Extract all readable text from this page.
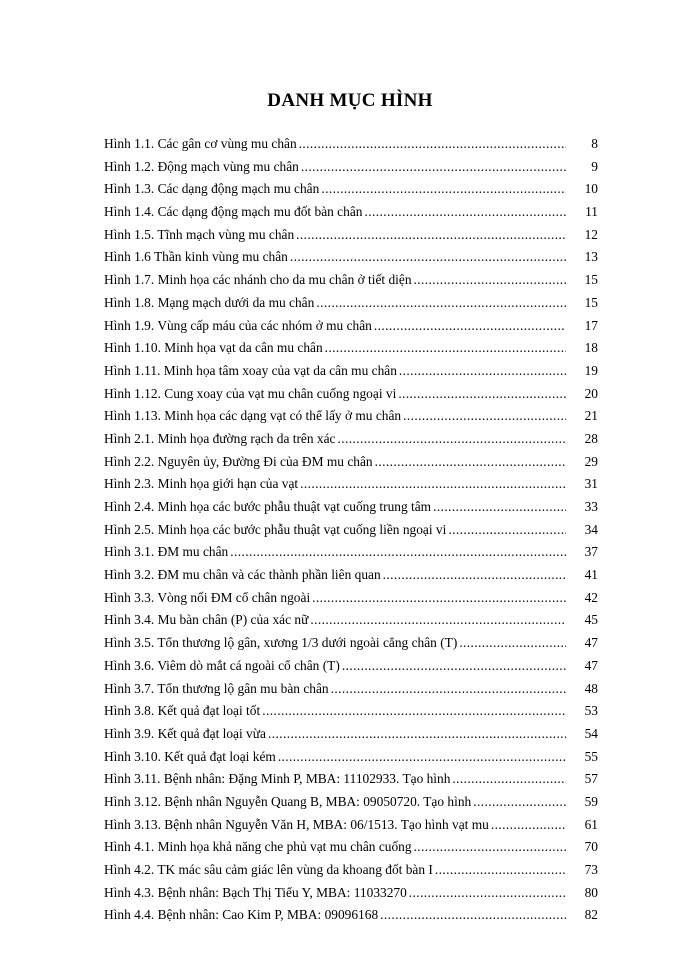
DANH MỤC HÌNH
Hình 1.1. Các gân cơ vùng mu chân .....	8
Hình 1.2. Động mạch vùng mu chân .....	9
Hình 1.3. Các dạng động mạch mu chân .....	10
Hình 1.4. Các dạng động mạch mu đốt bàn chân .....	11
Hình 1.5. Tĩnh mạch vùng mu chân .....	12
Hình 1.6 Thần kinh vùng mu chân .....	13
Hình 1.7. Minh họa các nhánh cho da mu chân ở tiết diện .....	15
Hình 1.8. Mạng mạch dưới da mu chân .....	15
Hình 1.9. Vùng cấp máu của các nhóm ở mu chân .....	17
Hình 1.10. Minh họa vạt da cân mu chân .....	18
Hình 1.11. Minh họa tâm xoay của vạt da cân mu chân .....	19
Hình 1.12. Cung xoay của vạt mu chân cuống ngoại vi .....	20
Hình 1.13. Minh họa các dạng vạt có thể lấy ở mu chân .....	21
Hình 2.1. Minh họa đường rạch da trên xác .....	28
Hình 2.2. Nguyên ủy, Đường Đi của ĐM mu chân .....	29
Hình 2.3. Minh họa giới hạn của vạt .....	31
Hình 2.4. Minh họa các bước phẫu thuật vạt cuống trung tâm .....	33
Hình 2.5. Minh họa các bước phẫu thuật vạt cuống liền ngoại vi .....	34
Hình 3.1. ĐM mu chân .....	37
Hình 3.2. ĐM mu chân và các thành phần liên quan .....	41
Hình 3.3. Vòng nối ĐM cổ chân ngoài .....	42
Hình 3.4. Mu bàn chân (P) của xác nữ .....	45
Hình 3.5. Tổn thương lộ gân, xương 1/3 dưới ngoài cẳng chân (T) .....	47
Hình 3.6. Viêm dò mắt cá ngoài cổ chân (T) .....	47
Hình 3.7. Tổn thương lộ gân mu bàn chân .....	48
Hình 3.8. Kết quả đạt loại tốt .....	53
Hình 3.9. Kết quả đạt loại vừa .....	54
Hình 3.10. Kết quả đạt loại kém .....	55
Hình 3.11. Bệnh nhân: Đặng Minh P, MBA: 11102933. Tạo hình .....	57
Hình 3.12. Bệnh nhân Nguyễn Quang B, MBA: 09050720. Tạo hình .....	59
Hình 3.13. Bệnh nhân Nguyễn Văn H, MBA: 06/1513. Tạo hình vạt mu .....	61
Hình 4.1. Minh họa khả năng che phủ vạt mu chân cuống .....	70
Hình 4.2. TK mác sâu cảm giác lên vùng da khoang đốt bàn I .....	73
Hình 4.3. Bệnh nhân: Bạch Thị Tiểu Y, MBA: 11033270 .....	80
Hình 4.4. Bệnh nhân: Cao Kim P, MBA: 09096168 .....	82
